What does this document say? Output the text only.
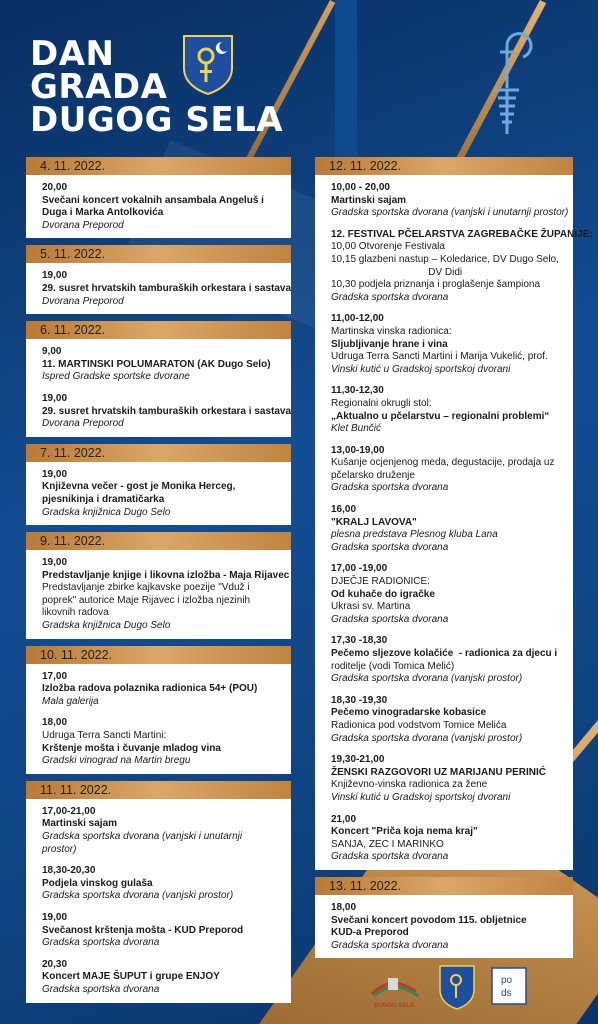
DAN
GRADA
DUGOG SELA
4. 11. 2022.
20,00
Svečani koncert vokalnih ansambala Angeluš i
Duga i Marka Antolkovića
Dvorana Preporod
5. 11. 2022.
19,00
29. susret hrvatskih tamburaških orkestara i sastava
Dvorana Preporod
6. 11. 2022.
9,00
11. MARTINSKI POLUMARATON (AK Dugo Selo)
Ispred Gradske sportske dvorane
19,00
29. susret hrvatskih tamburaških orkestara i sastava
Dvorana Preporod
7. 11. 2022.
19,00
Književna večer - gost je Monika Herceg,
pjesnikinja i dramatičarka
Gradska knjižnica Dugo Selo
9. 11. 2022.
19,00
Predstavljanje knjige i likovna izložba - Maja Rijavec
Predstavljanje zbirke kajkavske poezije "Vduž i
poprek" autorice Maje Rijavec i izložba njezinih
likovnih radova
Gradska knjižnica Dugo Selo
10. 11. 2022.
17,00
Izložba radova polaznika radionica 54+ (POU)
Mala galerija
18,00
Udruga Terra Sancti Martini:
Krštenje mošta i čuvanje mladog vina
Gradski vinograd na Martin bregu
11. 11. 2022.
17,00-21,00
Martinski sajam
Gradska sportska dvorana (vanjski i unutarnji
prostor)
18,30-20,30
Podjela vinskog gulaša
Gradska sportska dvorana (vanjski prostor)
19,00
Svečanost krštenja mošta - KUD Preporod
Gradska sportska dvorana
20,30
Koncert MAJE ŠUPUT i grupe ENJOY
Gradska sportska dvorana
12. 11. 2022.
10,00 - 20,00
Martinski sajam
Gradska sportska dvorana (vanjski i unutarnji prostor)
12. FESTIVAL PČELARSTVA ZAGREBAČKE ŽUPANIJE:
10,00 Otvorenje Festivala
10,15 glazbeni nastup – Koledarice, DV Dugo Selo,
DV Didi
10,30 podjela priznanja i proglašenje šampiona
Gradska sportska dvorana
11,00-12,00
Martinska vinska radionica:
Sljubljivanje hrane i vina
Udruga Terra Sancti Martini i Marija Vukelić, prof.
Vinski kutić u Gradskoj sportskoj dvorani
11,30-12,30
Regionalni okrugli stol:
„Aktualno u pčelarstvu – regionalni problemi“
Klet Bunčić
13,00-19,00
Kušanje ocjenjenog meda, degustacije, prodaja uz
pčelarsko druženje
Gradska sportska dvorana
16,00
"KRALJ LAVOVA"
plesna predstava Plesnog kluba Lana
Gradska sportska dvorana
17,00 -19,00
DJEČJE RADIONICE:
Od kuhače do igračke
Ukrasi sv. Martina
Gradska sportska dvorana
17,30 -18,30
Pečemo sljezove kolačiće  - radionica za djecu i
roditelje (vodi Tomica Melić)
Gradska sportska dvorana (vanjski prostor)
18,30 -19,30
Pečemo vinogradarske kobasice
Radionica pod vodstvom Tomice Melića
Gradska sportska dvorana (vanjski prostor)
19,30-21,00
ŽENSKI RAZGOVORI UZ MARIJANU PERINIĆ
Književno-vinska radionica za žene
Vinski kutić u Gradskoj sportskoj dvorani
21,00
Koncert "Priča koja nema kraj"
SANJA, ZEC I MARINKO
Gradska sportska dvorana
13. 11. 2022.
18,00
Svečani koncert povodom 115. obljetnice
KUD-a Preporod
Gradska sportska dvorana
DUGOG SELA
po
ds
